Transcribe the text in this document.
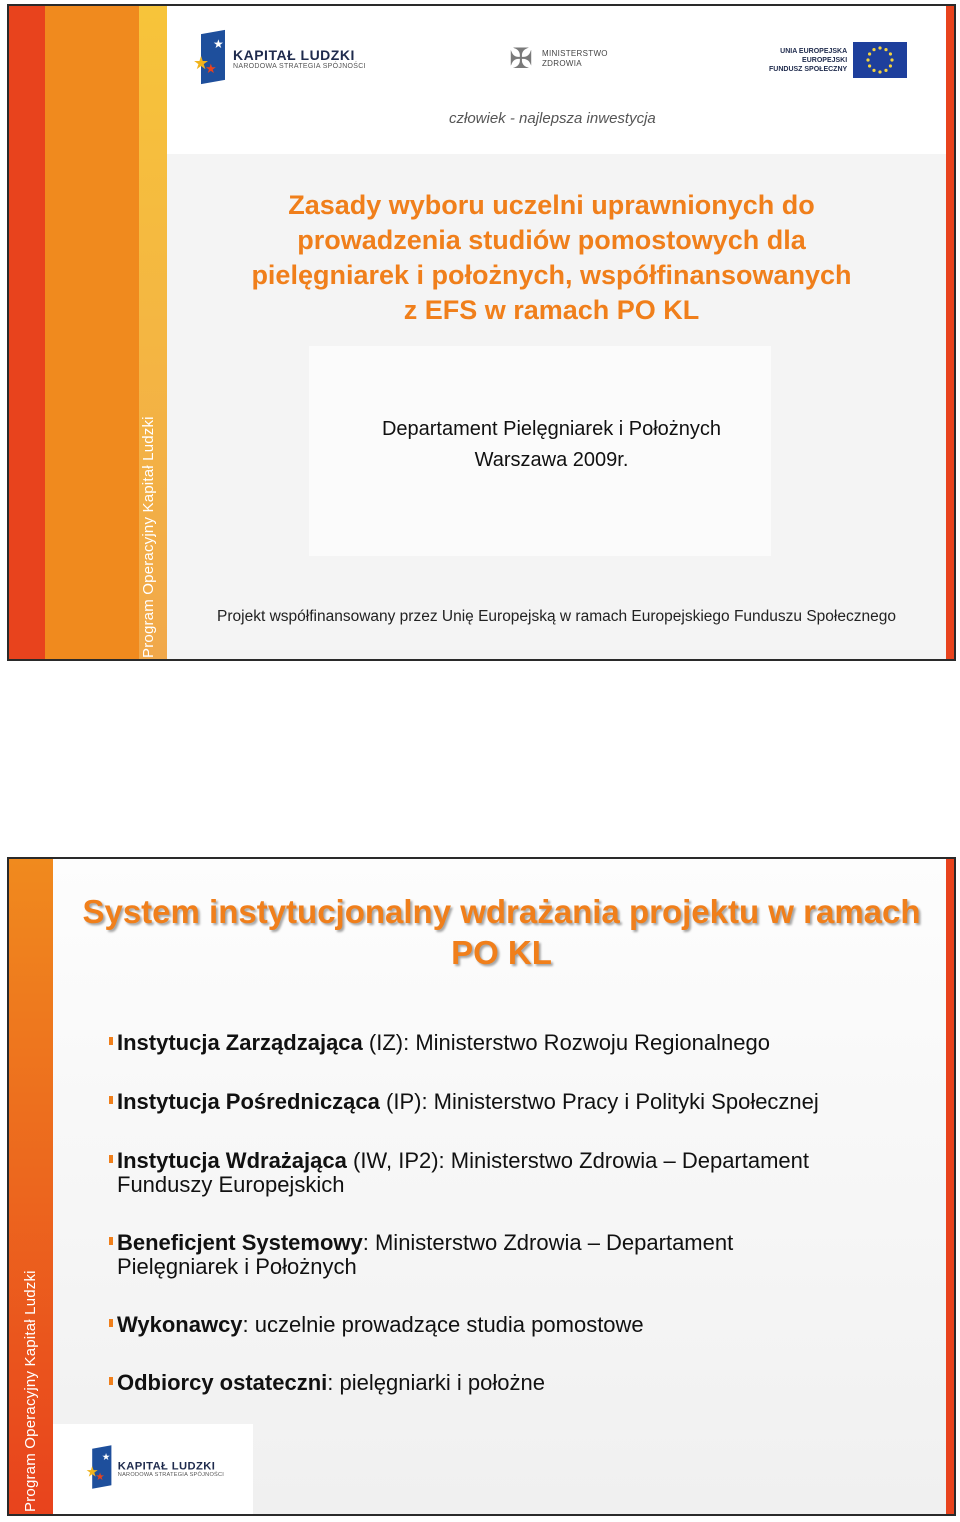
Program Operacyjny Kapitał Ludzki
★
★
★
KAPITAŁ LUDZKI
NARODOWA STRATEGIA SPÓJNOŚCI	✠	MINISTERSTWO
ZDROWIA
UNIA EUROPEJSKA
EUROPEJSKI
FUNDUSZ SPOŁECZNY
człowiek - najlepsza inwestycja
Zasady wyboru uczelni uprawnionych do
prowadzenia studiów pomostowych dla
pielęgniarek i położnych, współfinansowanych
z EFS w ramach PO KL
Departament Pielęgniarek i Położnych
Warszawa 2009r.
Projekt współfinansowany przez Unię Europejską w ramach Europejskiego Funduszu Społecznego
Program Operacyjny Kapitał Ludzki
System instytucjonalny wdrażania projektu w ramach
PO KL
Instytucja Zarządzająca (IZ): Ministerstwo Rozwoju Regionalnego
Instytucja Pośrednicząca (IP): Ministerstwo Pracy i Polityki Społecznej
Instytucja Wdrażająca (IW, IP2): Ministerstwo Zdrowia – Departament Funduszy Europejskich
Beneficjent Systemowy: Ministerstwo Zdrowia – Departament Pielęgniarek i Położnych
Wykonawcy: uczelnie prowadzące studia pomostowe
Odbiorcy ostateczni: pielęgniarki i położne
★
★
★
KAPITAŁ LUDZKI
NARODOWA STRATEGIA SPÓJNOŚCI
